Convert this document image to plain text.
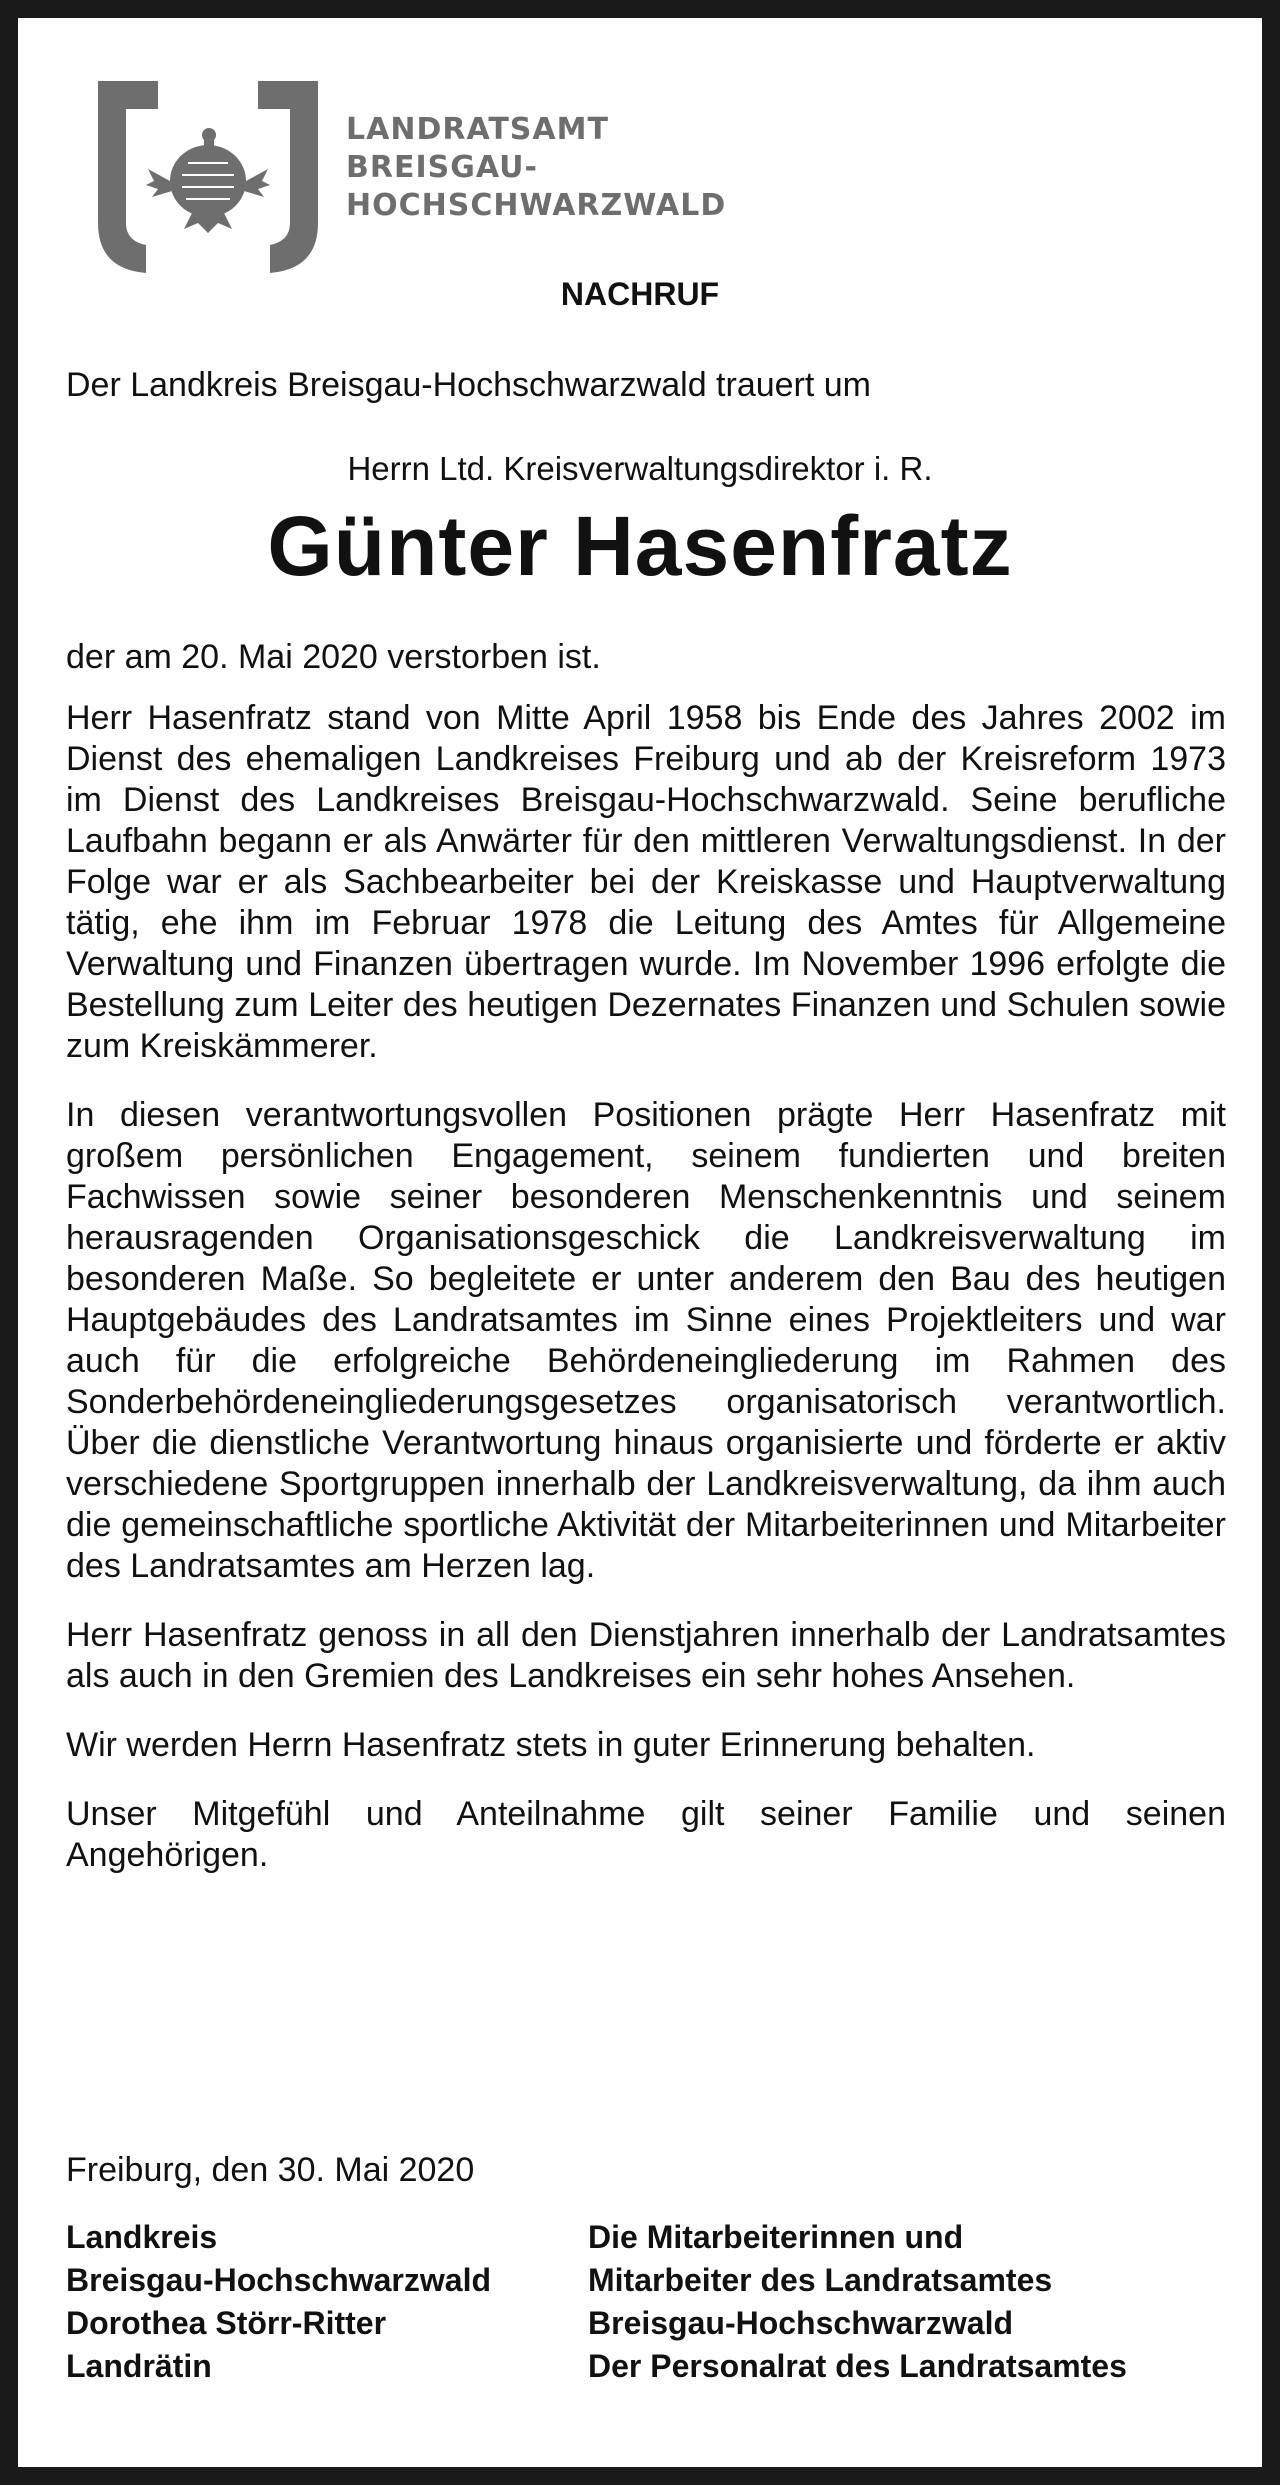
LANDRATSAMT
BREISGAU-
HOCHSCHWARZWALD
NACHRUF
Der Landkreis Breisgau-Hochschwarzwald trauert um
Herrn Ltd. Kreisverwaltungsdirektor i. R.
Günter Hasenfratz
der am 20. Mai 2020 verstorben ist.

Herr Hasenfratz stand von Mitte April 1958 bis Ende des Jahres 2002 im Dienst des ehemaligen Landkreises Freiburg und ab der Kreisreform 1973 im Dienst des Landkreises Breisgau-Hochschwarzwald. Seine berufliche Laufbahn begann er als Anwärter für den mittleren Verwaltungsdienst. In der Folge war er als Sachbearbeiter bei der Kreiskasse und Hauptverwaltung tätig, ehe ihm im Februar 1978 die Leitung des Amtes für Allgemeine Verwaltung und Finanzen übertragen wurde. Im November 1996 erfolgte die Bestellung zum Leiter des heutigen Dezernates Finanzen und Schulen sowie zum Kreiskämmerer.

In diesen verantwortungsvollen Positionen prägte Herr Hasenfratz mit großem persönlichen Engagement, seinem fundierten und breiten Fachwissen sowie seiner besonderen Menschenkenntnis und seinem herausragenden Organisationsgeschick die Landkreisverwaltung im besonderen Maße. So begleitete er unter anderem den Bau des heutigen Hauptgebäudes des Landratsamtes im Sinne eines Projektleiters und war auch für die erfolgreiche Behördeneingliederung im Rahmen des Sonderbehördeneingliederungsgesetzes organisatorisch verantwortlich. Über die dienstliche Verantwortung hinaus organisierte und förderte er aktiv verschiedene Sportgruppen innerhalb der Landkreisverwaltung, da ihm auch die gemeinschaftliche sportliche Aktivität der Mitarbeiterinnen und Mitarbeiter des Landratsamtes am Herzen lag.

Herr Hasenfratz genoss in all den Dienstjahren innerhalb der Landratsamtes als auch in den Gremien des Landkreises ein sehr hohes Ansehen.

Wir werden Herrn Hasenfratz stets in guter Erinnerung behalten.

Unser Mitgefühl und Anteilnahme gilt seiner Familie und seinen Angehörigen.

Freiburg, den 30. Mai 2020
Landkreis
Breisgau-Hochschwarzwald
Dorothea Störr-Ritter
Landrätin
Die Mitarbeiterinnen und
Mitarbeiter des Landratsamtes
Breisgau-Hochschwarzwald
Der Personalrat des Landratsamtes
